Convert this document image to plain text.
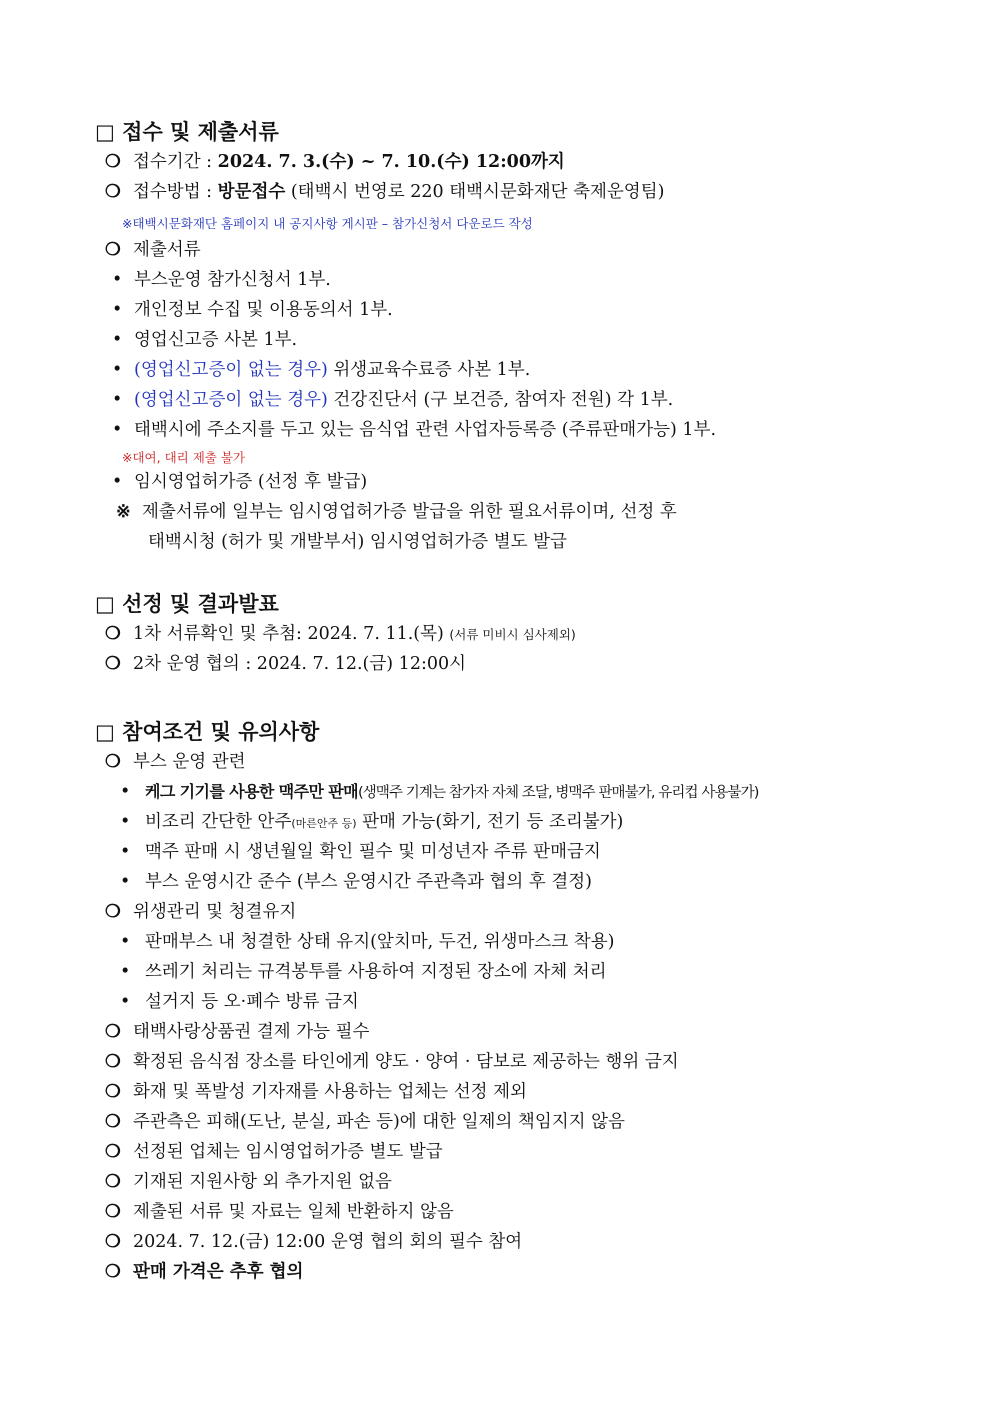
□ 접수 및 제출서류
❍ 접수기간 : 2024. 7. 3.(수) ~ 7. 10.(수) 12:00까지
❍ 접수방법 : 방문접수 (태백시 번영로 220 태백시문화재단 축제운영팀)
※태백시문화재단 홈페이지 내 공지사항 게시판 – 참가신청서 다운로드 작성
❍ 제출서류
• 부스운영 참가신청서 1부.
• 개인정보 수집 및 이용동의서 1부.
• 영업신고증 사본 1부.
• (영업신고증이 없는 경우) 위생교육수료증 사본 1부.
• (영업신고증이 없는 경우) 건강진단서 (구 보건증, 참여자 전원) 각 1부.
• 태백시에 주소지를 두고 있는 음식업 관련 사업자등록증 (주류판매가능) 1부.
※대여, 대리 제출 불가
• 임시영업허가증 (선정 후 발급)
※ 제출서류에 일부는 임시영업허가증 발급을 위한 필요서류이며, 선정 후
태백시청 (허가 및 개발부서) 임시영업허가증 별도 발급
□ 선정 및 결과발표
❍ 1차 서류확인 및 추첨: 2024. 7. 11.(목) (서류 미비시 심사제외)
❍ 2차 운영 협의 : 2024. 7. 12.(금) 12:00시
□ 참여조건 및 유의사항
❍ 부스 운영 관련
• 케그 기기를 사용한 맥주만 판매(생맥주 기계는 참가자 자체 조달, 병맥주 판매불가, 유리컵 사용불가)
• 비조리 간단한 안주(마른안주 등) 판매 가능(화기, 전기 등 조리불가)
• 맥주 판매 시 생년월일 확인 필수 및 미성년자 주류 판매금지
• 부스 운영시간 준수 (부스 운영시간 주관측과 협의 후 결정)
❍ 위생관리 및 청결유지
• 판매부스 내 청결한 상태 유지(앞치마, 두건, 위생마스크 착용)
• 쓰레기 처리는 규격봉투를 사용하여 지정된 장소에 자체 처리
• 설거지 등 오·폐수 방류 금지
❍ 태백사랑상품권 결제 가능 필수
❍ 확정된 음식점 장소를 타인에게 양도 · 양여 · 담보로 제공하는 행위 금지
❍ 화재 및 폭발성 기자재를 사용하는 업체는 선정 제외
❍ 주관측은 피해(도난, 분실, 파손 등)에 대한 일제의 책임지지 않음
❍ 선정된 업체는 임시영업허가증 별도 발급
❍ 기재된 지원사항 외 추가지원 없음
❍ 제출된 서류 및 자료는 일체 반환하지 않음
❍ 2024. 7. 12.(금) 12:00 운영 협의 회의 필수 참여
❍ 판매 가격은 추후 협의
